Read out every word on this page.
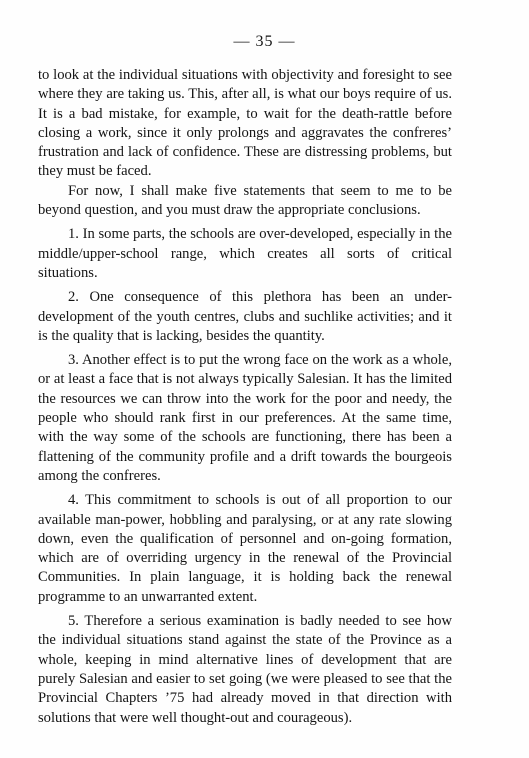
— 35 —

to look at the individual situations with objectivity and foresight to see where they are taking us. This, after all, is what our boys require of us. It is a bad mistake, for example, to wait for the death-rattle before closing a work, since it only prolongs and aggravates the confreres’ frustration and lack of confidence. These are distressing problems, but they must be faced.

For now, I shall make five statements that seem to me to be beyond question, and you must draw the appropriate conclusions.

1. In some parts, the schools are over-developed, especially in the middle/upper-school range, which creates all sorts of critical situations.

2. One consequence of this plethora has been an under-development of the youth centres, clubs and suchlike activities; and it is the quality that is lacking, besides the quantity.

3. Another effect is to put the wrong face on the work as a whole, or at least a face that is not always typically Salesian. It has the limited the resources we can throw into the work for the poor and needy, the people who should rank first in our preferences. At the same time, with the way some of the schools are functioning, there has been a flattening of the community profile and a drift towards the bourgeois among the confreres.

4. This commitment to schools is out of all proportion to our available man-power, hobbling and paralysing, or at any rate slowing down, even the qualification of personnel and on-going formation, which are of overriding urgency in the renewal of the Provincial Communities. In plain language, it is holding back the renewal programme to an unwarranted extent.

5. Therefore a serious examination is badly needed to see how the individual situations stand against the state of the Province as a whole, keeping in mind alternative lines of development that are purely Salesian and easier to set going (we were pleased to see that the Provincial Chapters ’75 had already moved in that direction with solutions that were well thought-out and courageous).
